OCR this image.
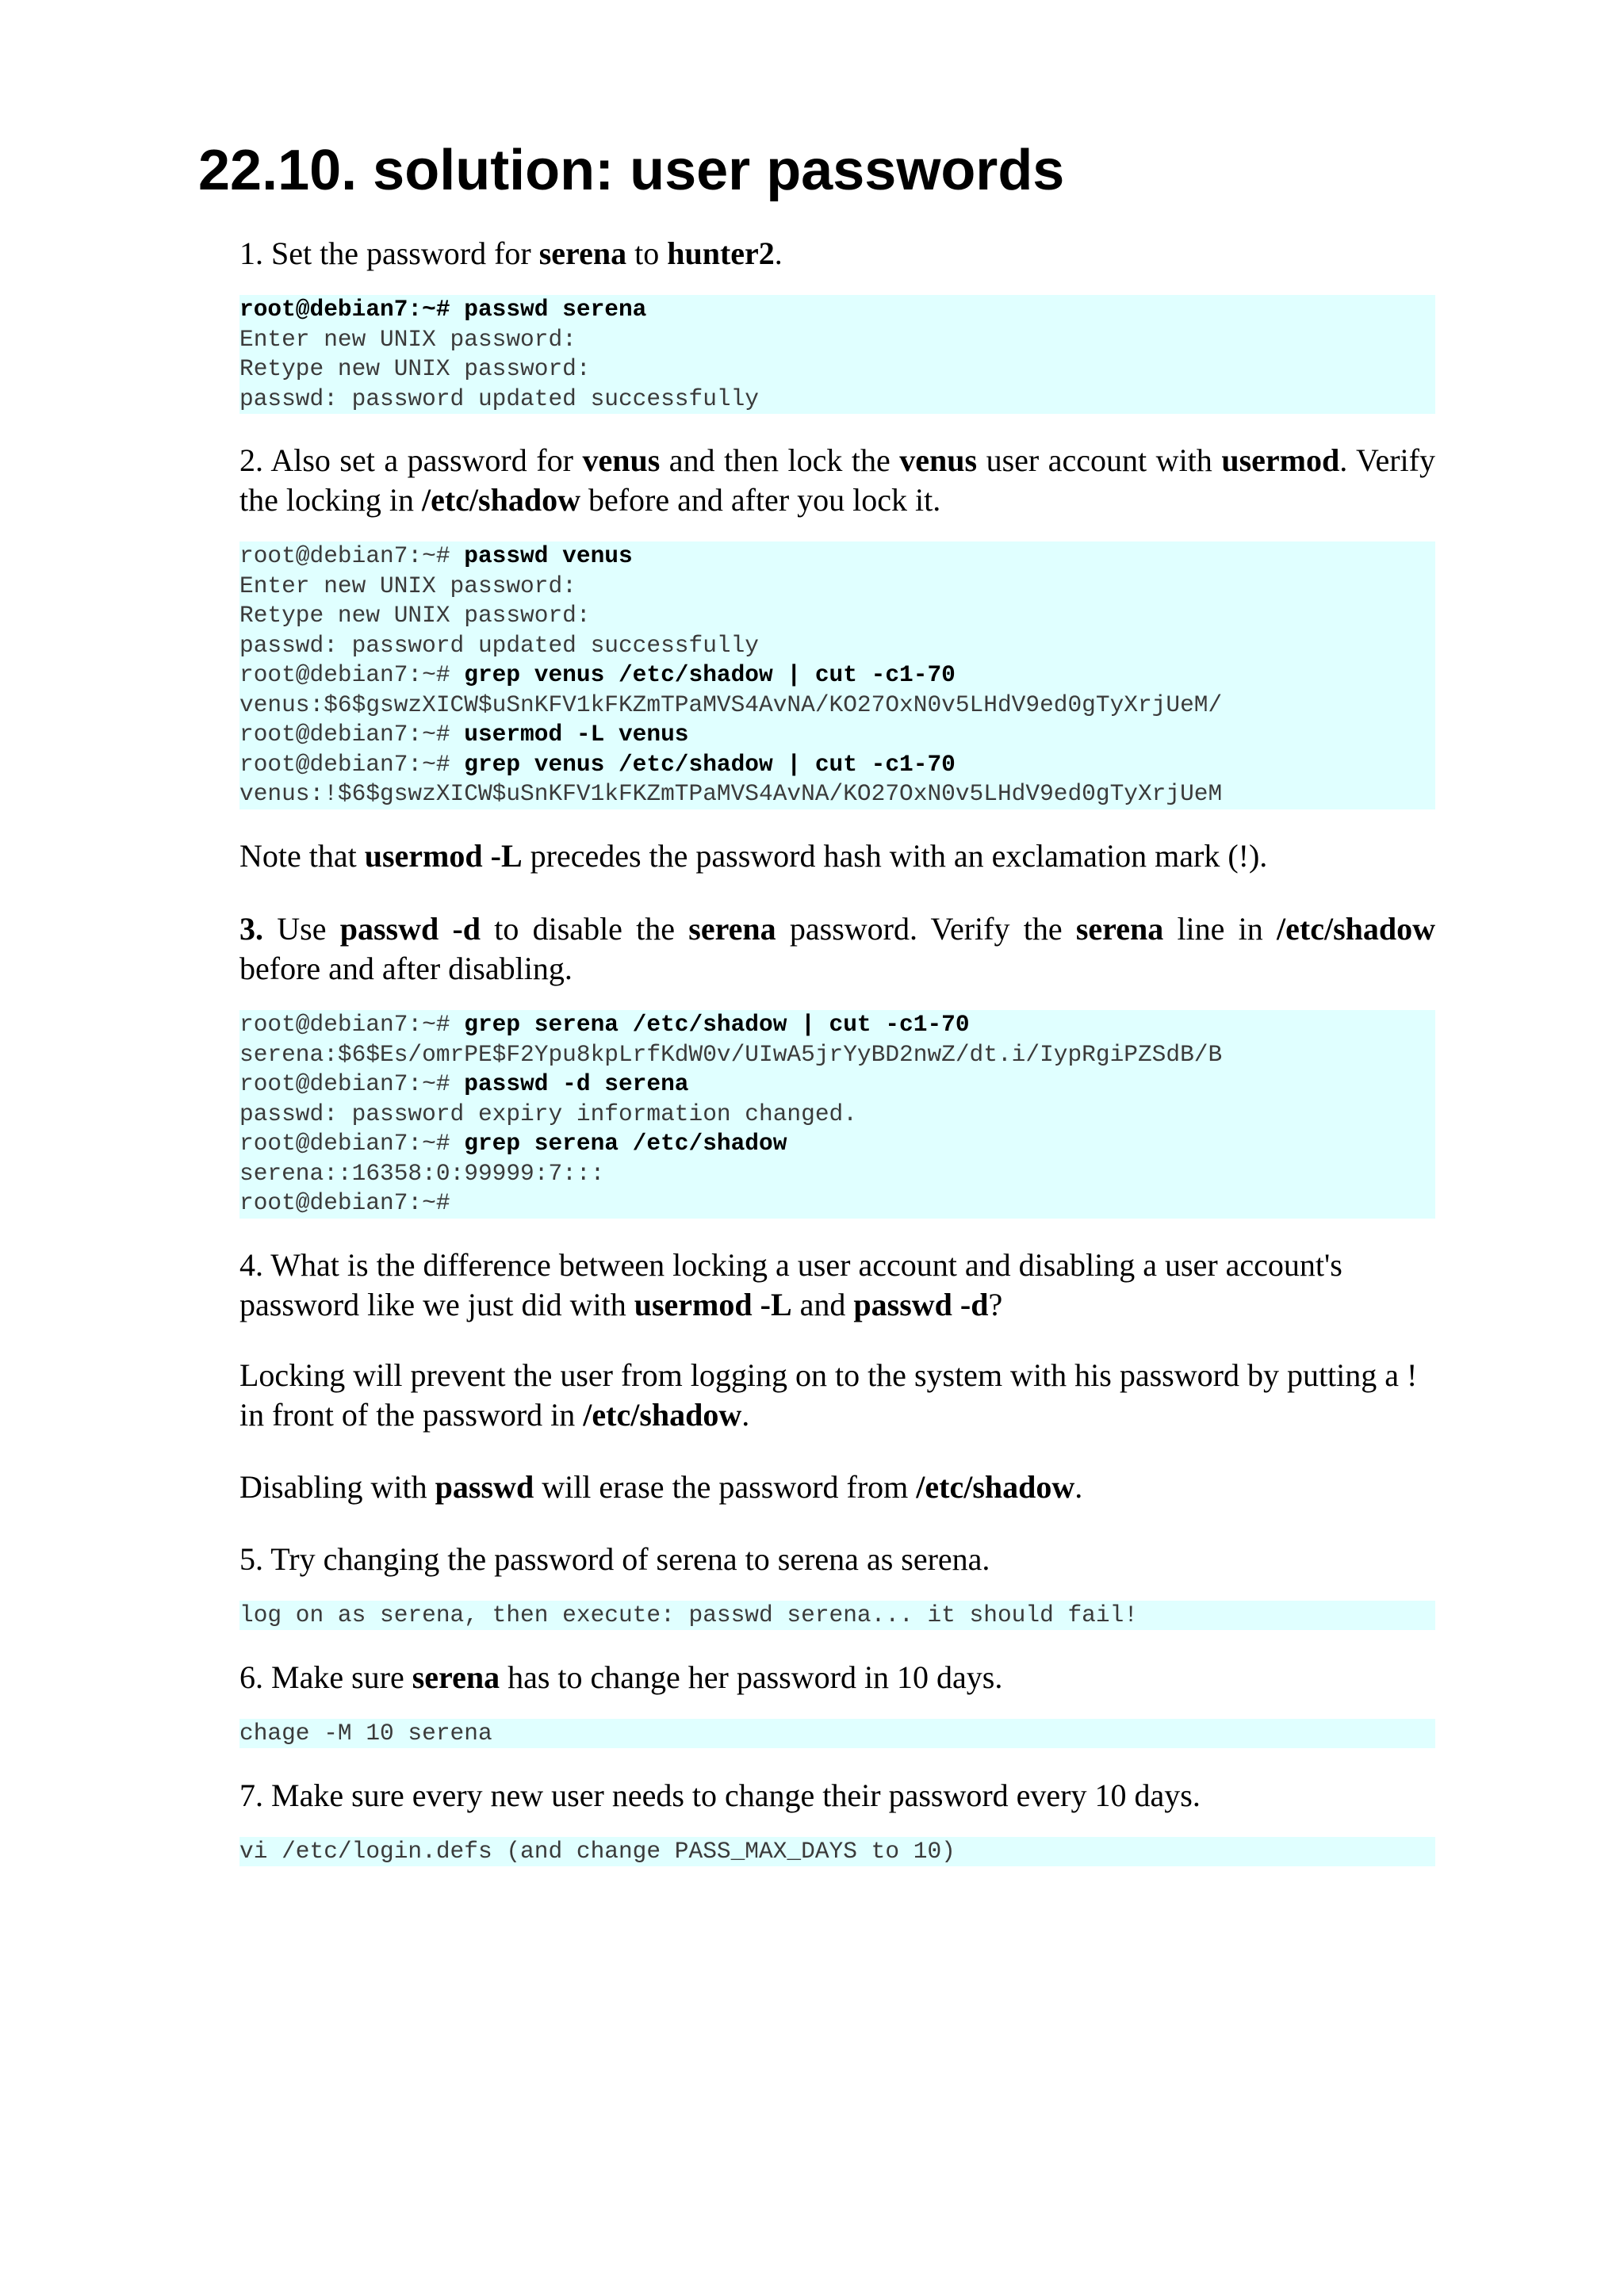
22.10. solution: user passwords

1. Set the password for serena to hunter2.

root@debian7:~# passwd serena
Enter new UNIX password:
Retype new UNIX password:
passwd: password updated successfully

2. Also set a password for venus and then lock the venus user account with usermod. Verify the locking in /etc/shadow before and after you lock it.

root@debian7:~# passwd venus
Enter new UNIX password:
Retype new UNIX password:
passwd: password updated successfully
root@debian7:~# grep venus /etc/shadow | cut -c1-70
venus:$6$gswzXICW$uSnKFV1kFKZmTPaMVS4AvNA/KO27OxN0v5LHdV9ed0gTyXrjUeM/
root@debian7:~# usermod -L venus
root@debian7:~# grep venus /etc/shadow | cut -c1-70
venus:!$6$gswzXICW$uSnKFV1kFKZmTPaMVS4AvNA/KO27OxN0v5LHdV9ed0gTyXrjUeM

Note that usermod -L precedes the password hash with an exclamation mark (!).

3. Use passwd -d to disable the serena password. Verify the serena line in /etc/shadow before and after disabling.

root@debian7:~# grep serena /etc/shadow | cut -c1-70
serena:$6$Es/omrPE$F2Ypu8kpLrfKdW0v/UIwA5jrYyBD2nwZ/dt.i/IypRgiPZSdB/B
root@debian7:~# passwd -d serena
passwd: password expiry information changed.
root@debian7:~# grep serena /etc/shadow
serena::16358:0:99999:7:::
root@debian7:~#

4. What is the difference between locking a user account and disabling a user account's password like we just did with usermod -L and passwd -d?

Locking will prevent the user from logging on to the system with his password by putting a ! in front of the password in /etc/shadow.

Disabling with passwd will erase the password from /etc/shadow.

5. Try changing the password of serena to serena as serena.

log on as serena, then execute: passwd serena... it should fail!

6. Make sure serena has to change her password in 10 days.

chage -M 10 serena

7. Make sure every new user needs to change their password every 10 days.

vi /etc/login.defs (and change PASS_MAX_DAYS to 10)
